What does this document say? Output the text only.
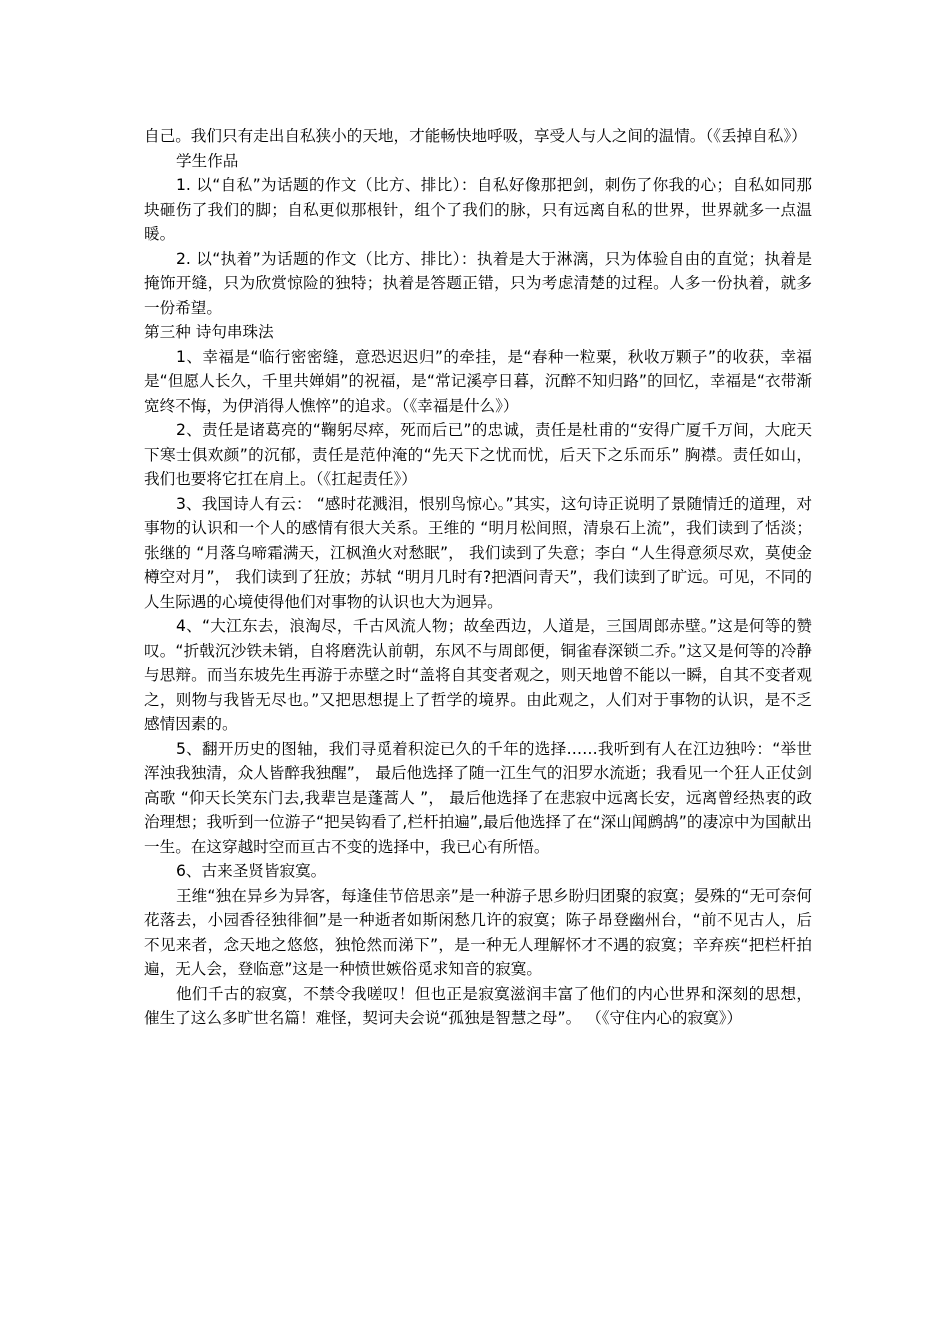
自己。我们只有走出自私狭小的天地，才能畅快地呼吸，享受人与人之间的温情。（《丢掉自私》）

学生作品

1. 以“自私”为话题的作文（比方、排比）：自私好像那把剑，刺伤了你我的心；自私如同那块砸伤了我们的脚；自私更似那根针，组个了我们的脉，只有远离自私的世界，世界就多一点温暖。

2. 以“执着”为话题的作文（比方、排比）：执着是大于淋漓，只为体验自由的直觉；执着是掩饰开缝，只为欣赏惊险的独特；执着是答题正错，只为考虑清楚的过程。人多一份执着，就多一份希望。

第三种 诗句串珠法

1、幸福是“临行密密缝，意恐迟迟归”的牵挂，是“春种一粒粟，秋收万颗子”的收获，幸福是“但愿人长久，千里共婵娟”的祝福，是“常记溪亭日暮，沉醉不知归路”的回忆，幸福是“衣带渐宽终不悔，为伊消得人憔悴”的追求。（《幸福是什么》）

2、责任是诸葛亮的“鞠躬尽瘁，死而后已”的忠诚，责任是杜甫的“安得广厦千万间，大庇天下寒士俱欢颜”的沉郁，责任是范仲淹的“先天下之忧而忧，后天下之乐而乐” 胸襟。责任如山，我们也要将它扛在肩上。（《扛起责任》）

3、我国诗人有云： “感时花溅泪，恨别鸟惊心。”其实，这句诗正说明了景随情迁的道理，对事物的认识和一个人的感情有很大关系。王维的 “明月松间照，清泉石上流”，我们读到了恬淡；张继的 “月落乌啼霜满天，江枫渔火对愁眠”， 我们读到了失意；李白 “人生得意须尽欢，莫使金樽空对月”， 我们读到了狂放；苏轼 “明月几时有?把酒问青天”，我们读到了旷远。可见，不同的人生际遇的心境使得他们对事物的认识也大为迥异。

4、“大江东去，浪淘尽，千古风流人物；故垒西边，人道是，三国周郎赤壁。”这是何等的赞叹。“折戟沉沙铁未销，自将磨洗认前朝，东风不与周郎便，铜雀春深锁二乔。”这又是何等的冷静与思辩。而当东坡先生再游于赤壁之时“盖将自其变者观之，则天地曾不能以一瞬，自其不变者观之，则物与我皆无尽也。”又把思想提上了哲学的境界。由此观之，人们对于事物的认识，是不乏感情因素的。

5、翻开历史的图轴，我们寻觅着积淀已久的千年的选择……我听到有人在江边独吟：“举世浑浊我独清，众人皆醉我独醒”， 最后他选择了随一江生气的汨罗水流逝；我看见一个狂人正仗剑高歌 “仰天长笑东门去,我辈岂是蓬蒿人 ”， 最后他选择了在悲寂中远离长安，远离曾经热衷的政治理想；我听到一位游子“把吴钩看了,栏杆拍遍”,最后他选择了在“深山闻鹧鸪”的凄凉中为国献出一生。在这穿越时空而亘古不变的选择中，我已心有所悟。

6、古来圣贤皆寂寞。

王维“独在异乡为异客，每逢佳节倍思亲”是一种游子思乡盼归团聚的寂寞；晏殊的“无可奈何花落去，小园香径独徘徊”是一种逝者如斯闲愁几许的寂寞；陈子昂登幽州台，“前不见古人，后不见来者，念天地之悠悠，独怆然而涕下”，是一种无人理解怀才不遇的寂寞；辛弃疾“把栏杆拍遍，无人会，登临意”这是一种愤世嫉俗觅求知音的寂寞。

他们千古的寂寞，不禁令我嗟叹！但也正是寂寞滋润丰富了他们的内心世界和深刻的思想，催生了这么多旷世名篇！难怪，契诃夫会说“孤独是智慧之母”。 （《守住内心的寂寞》）
